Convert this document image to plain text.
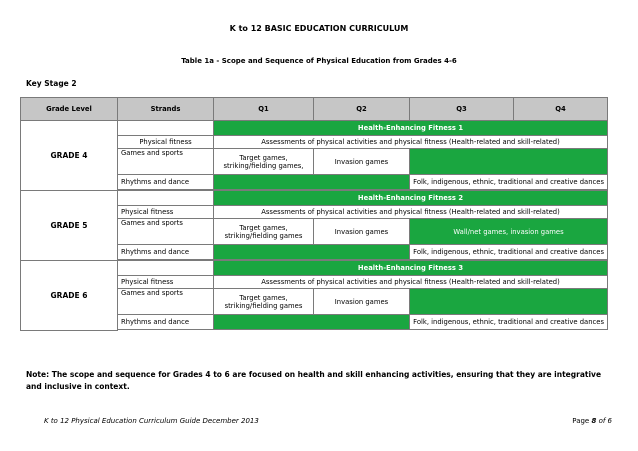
K to 12 BASIC EDUCATION CURRICULUM
Table 1a - Scope and Sequence of Physical Education from Grades 4-6
Key Stage 2
Grade Level	Strands	Q1	Q2	Q3	Q4
GRADE 4		Health-Enhancing Fitness 1			
	Physical fitness	Assessments of physical activities and physical fitness (Health-related and skill-related)			
	Games and sports	Target games, striking/fielding games,	Invasion games		
	Rhythms and dance			Folk, indigenous, ethnic, traditional and creative dances	

GRADE 5		Health-Enhancing Fitness 2			
	Physical fitness	Assessments of physical activities and physical fitness (Health-related and skill-related)			
	Games and sports	Target games, striking/fielding games	Invasion games	Wall/net games, invasion games	
	Rhythms and dance			Folk, indigenous, ethnic, traditional and creative dances	

GRADE 6		Health-Enhancing Fitness 3			
	Physical fitness	Assessments of physical activities and physical fitness (Health-related and skill-related)			
	Games and sports	Target games, striking/fielding games	Invasion games		
	Rhythms and dance			Folk, indigenous, ethnic, traditional and creative dances	

Note: The scope and sequence for Grades 4 to 6 are focused on health and skill enhancing activities, ensuring that they are integrative and inclusive in context.
K to 12 Physical Education Curriculum Guide December 2013	Page 8 of 6
